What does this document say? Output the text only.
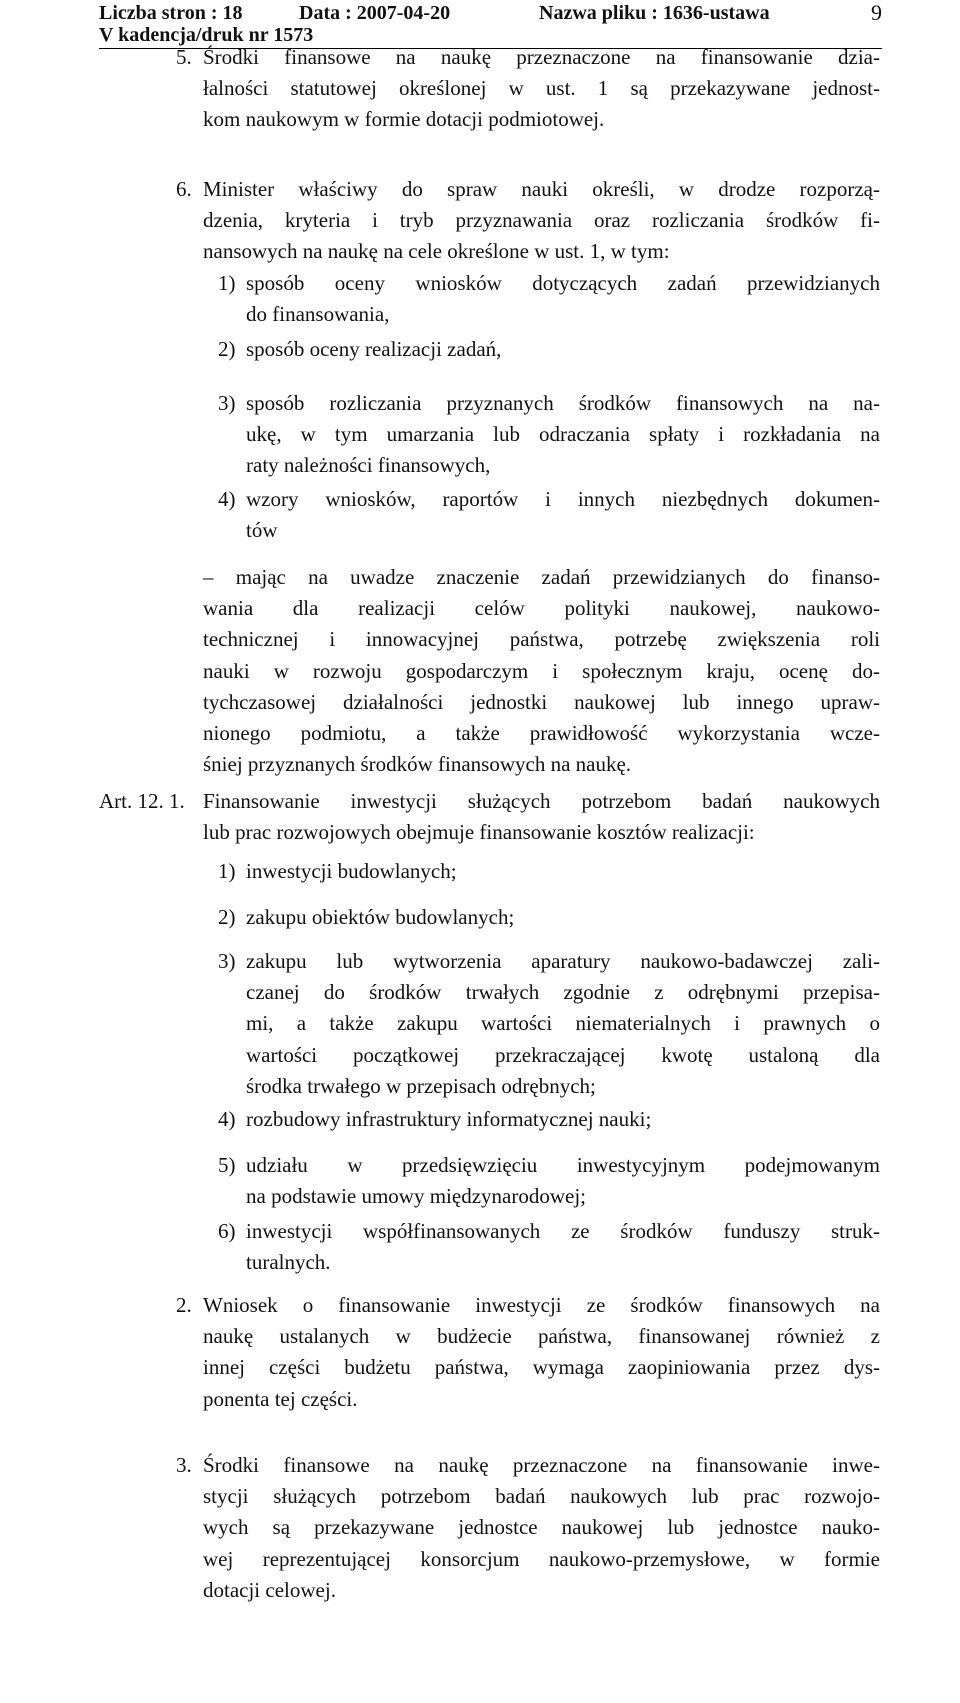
Liczba stron : 18	Data : 2007-04-20	Nazwa pliku : 1636-ustawa	9
V kadencja/druk nr 1573
5. Środki finansowe na naukę przeznaczone na finansowanie dzia-
łalności statutowej określonej w ust. 1 są przekazywane jednost-
kom naukowym w formie dotacji podmiotowej.
6. Minister właściwy do spraw nauki określi, w drodze rozporzą-
dzenia, kryteria i tryb przyznawania oraz rozliczania środków fi-
nansowych na naukę na cele określone w ust. 1, w tym:
1) sposób oceny wniosków dotyczących zadań przewidzianych
do finansowania,
2) sposób oceny realizacji zadań,
3) sposób rozliczania przyznanych środków finansowych na na-
ukę, w tym umarzania lub odraczania spłaty i rozkładania na
raty należności finansowych,
4) wzory wniosków, raportów i innych niezbędnych dokumen-
tów
– mając na uwadze znaczenie zadań przewidzianych do finanso-
wania dla realizacji celów polityki naukowej, naukowo-
technicznej i innowacyjnej państwa, potrzebę zwiększenia roli
nauki w rozwoju gospodarczym i społecznym kraju, ocenę do-
tychczasowej działalności jednostki naukowej lub innego upraw-
nionego podmiotu, a także prawidłowość wykorzystania wcze-
śniej przyznanych środków finansowych na naukę.
Art. 12. 1. Finansowanie inwestycji służących potrzebom badań naukowych
lub prac rozwojowych obejmuje finansowanie kosztów realizacji:
1) inwestycji budowlanych;
2) zakupu obiektów budowlanych;
3) zakupu lub wytworzenia aparatury naukowo-badawczej zali-
czanej do środków trwałych zgodnie z odrębnymi przepisa-
mi, a także zakupu wartości niematerialnych i prawnych o
wartości początkowej przekraczającej kwotę ustaloną dla
środka trwałego w przepisach odrębnych;
4) rozbudowy infrastruktury informatycznej nauki;
5) udziału w przedsięwzięciu inwestycyjnym podejmowanym
na podstawie umowy międzynarodowej;
6) inwestycji współfinansowanych ze środków funduszy struk-
turalnych.
2. Wniosek o finansowanie inwestycji ze środków finansowych na
naukę ustalanych w budżecie państwa, finansowanej również z
innej części budżetu państwa, wymaga zaopiniowania przez dys-
ponenta tej części.
3. Środki finansowe na naukę przeznaczone na finansowanie inwe-
stycji służących potrzebom badań naukowych lub prac rozwojo-
wych są przekazywane jednostce naukowej lub jednostce nauko-
wej reprezentującej konsorcjum naukowo-przemysłowe, w formie
dotacji celowej.
